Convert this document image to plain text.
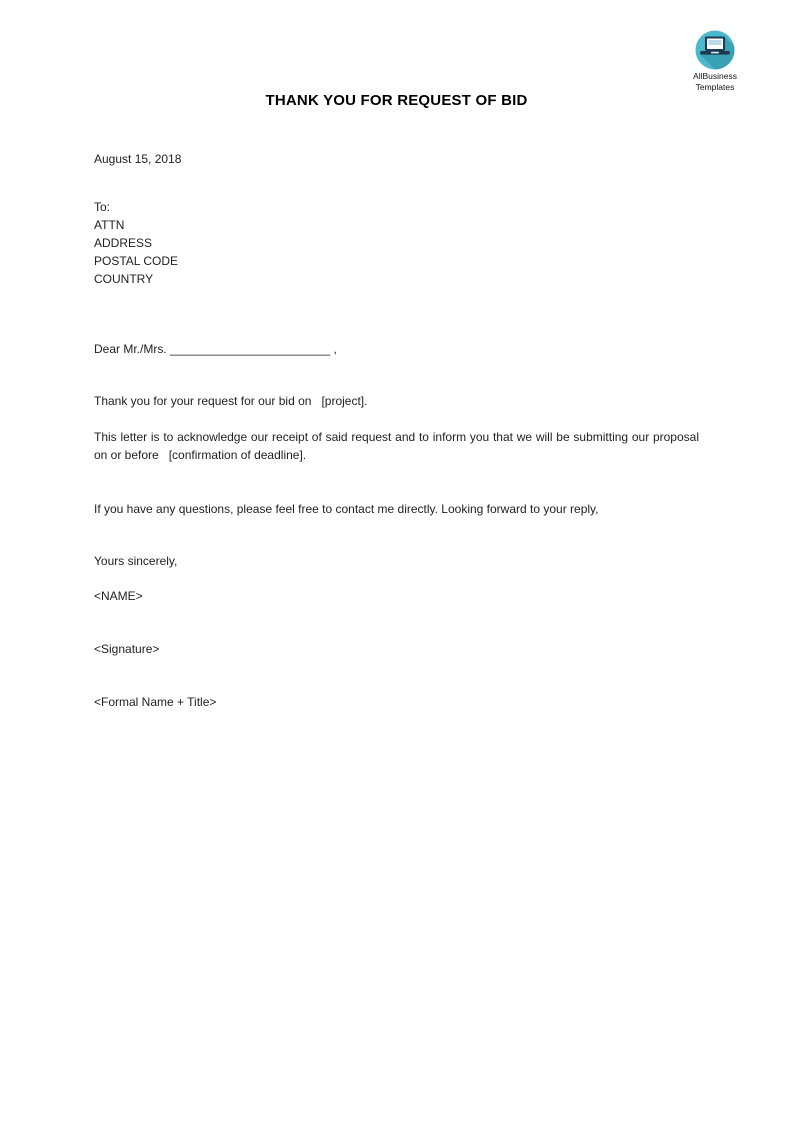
AllBusiness
Templates
THANK YOU FOR REQUEST OF BID

August 15, 2018

To:
ATTN
ADDRESS
POSTAL CODE
COUNTRY

Dear Mr./Mrs. ________________________ ,

Thank you for your request for our bid on   [project].

This letter is to acknowledge our receipt of said request and to inform you that we will be submitting our proposal on or before   [confirmation of deadline].

If you have any questions, please feel free to contact me directly. Looking forward to your reply,

Yours sincerely,

<NAME>

<Signature>

<Formal Name + Title>
